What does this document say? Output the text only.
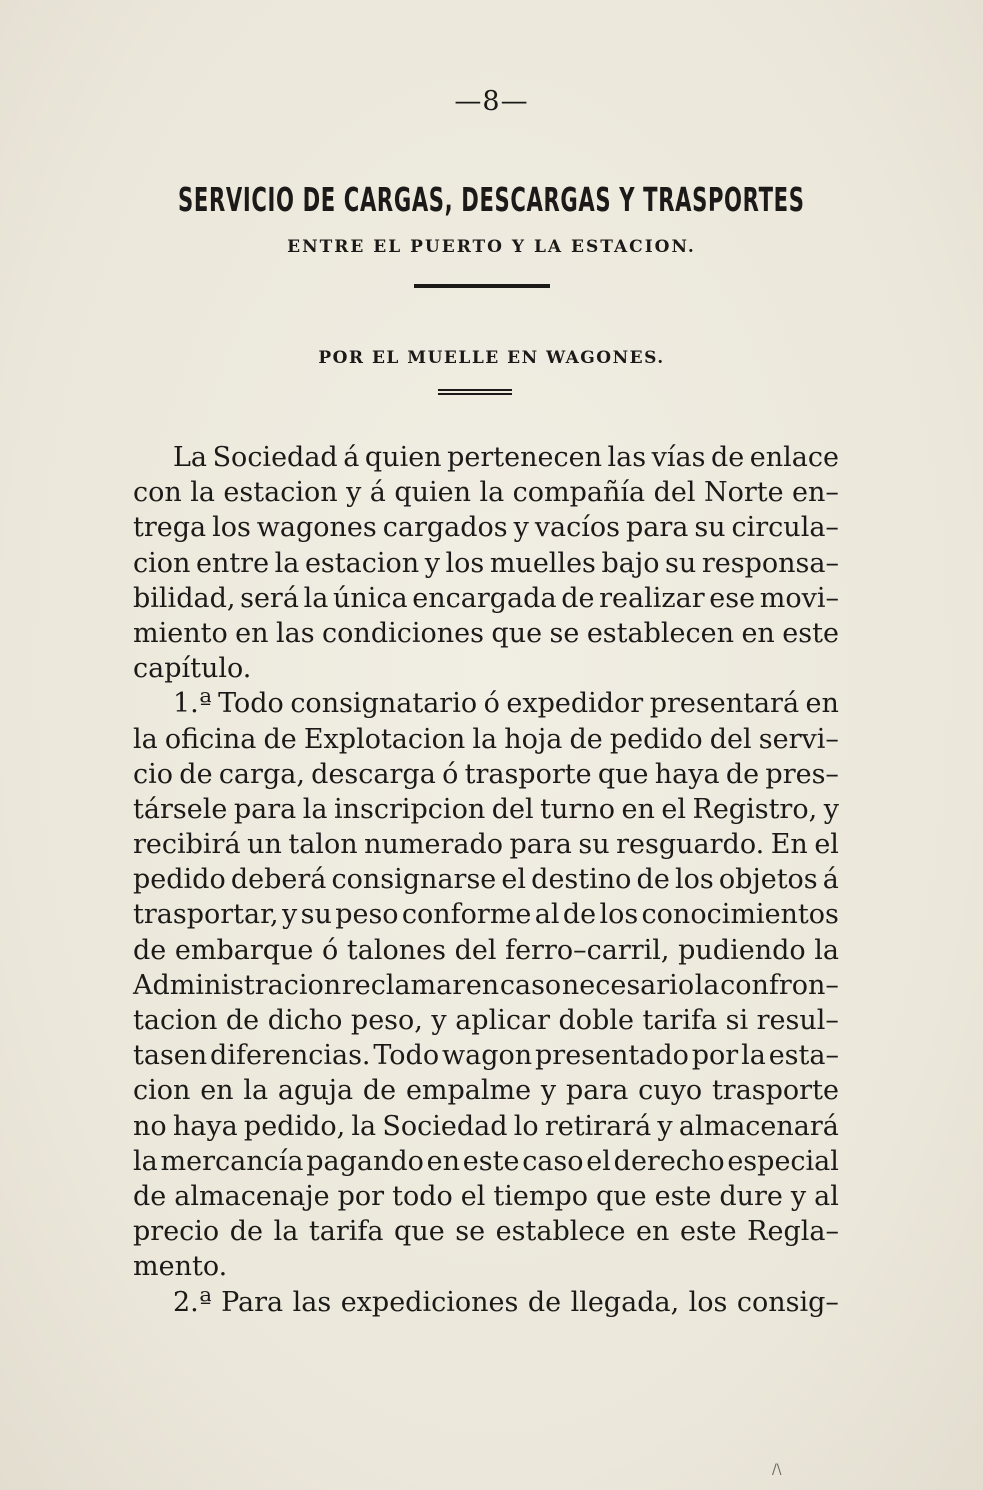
—8—
SERVICIO DE CARGAS, DESCARGAS Y TRASPORTES
ENTRE EL PUERTO Y LA ESTACION.
POR EL MUELLE EN WAGONES.
La Sociedad á quien pertenecen las vías de enlace
con la estacion y á quien la compañía del Norte en–
trega los wagones cargados y vacíos para su circula–
cion entre la estacion y los muelles bajo su responsa–
bilidad, será la única encargada de realizar ese movi–
miento en las condiciones que se establecen en este
capítulo.
1.ª Todo consignatario ó expedidor presentará en
la oficina de Explotacion la hoja de pedido del servi–
cio de carga, descarga ó trasporte que haya de pres–
társele para la inscripcion del turno en el Registro, y
recibirá un talon numerado para su resguardo. En el
pedido deberá consignarse el destino de los objetos á
trasportar, y su peso conforme al de los conocimientos
de embarque ó talones del ferro–carril, pudiendo la
Administracion reclamar en caso necesario la confron–
tacion de dicho peso, y aplicar doble tarifa si resul–
tasen diferencias. Todo wagon presentado por la esta–
cion en la aguja de empalme y para cuyo trasporte
no haya pedido, la Sociedad lo retirará y almacenará
la mercancía pagando en este caso el derecho especial
de almacenaje por todo el tiempo que este dure y al
precio de la tarifa que se establece en este Regla–
mento.
2.ª Para las expediciones de llegada, los consig–
/\
